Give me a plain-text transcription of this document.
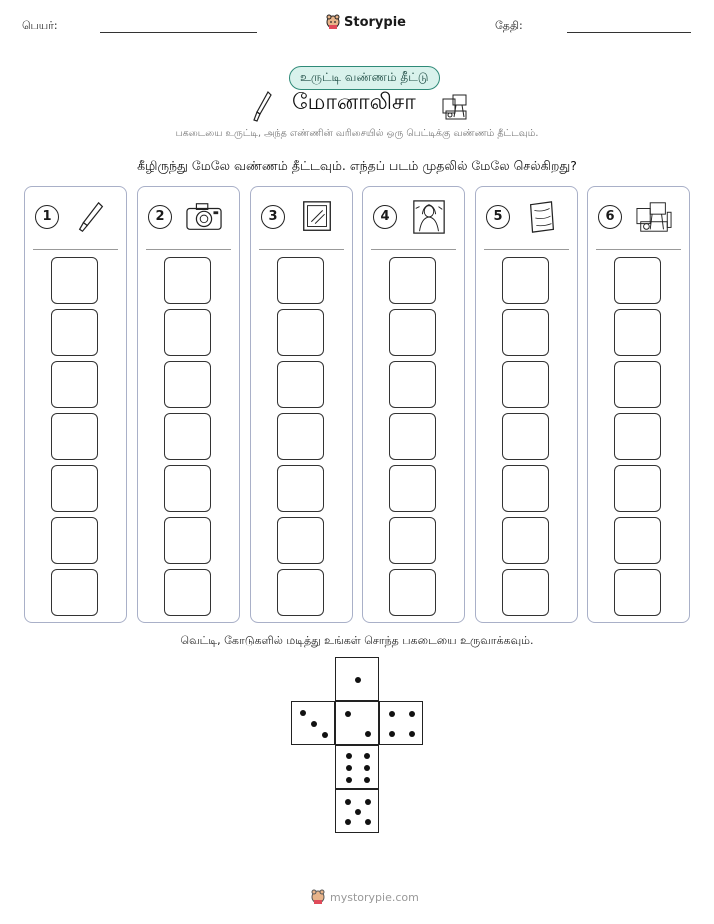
பெயர்:	Storypie	தேதி:
உருட்டி வண்ணம் தீட்டு
மோனாலிசா
பகடையை உருட்டி, அந்த எண்ணின் வரிசையில் ஒரு பெட்டிக்கு வண்ணம் தீட்டவும்.
கீழிருந்து மேலே வண்ணம் தீட்டவும். எந்தப் படம் முதலில் மேலே செல்கிறது?
1	2	3	4	5	6
வெட்டி, கோடுகளில் மடித்து உங்கள் சொந்த பகடையை உருவாக்கவும்.
mystorypie.com
